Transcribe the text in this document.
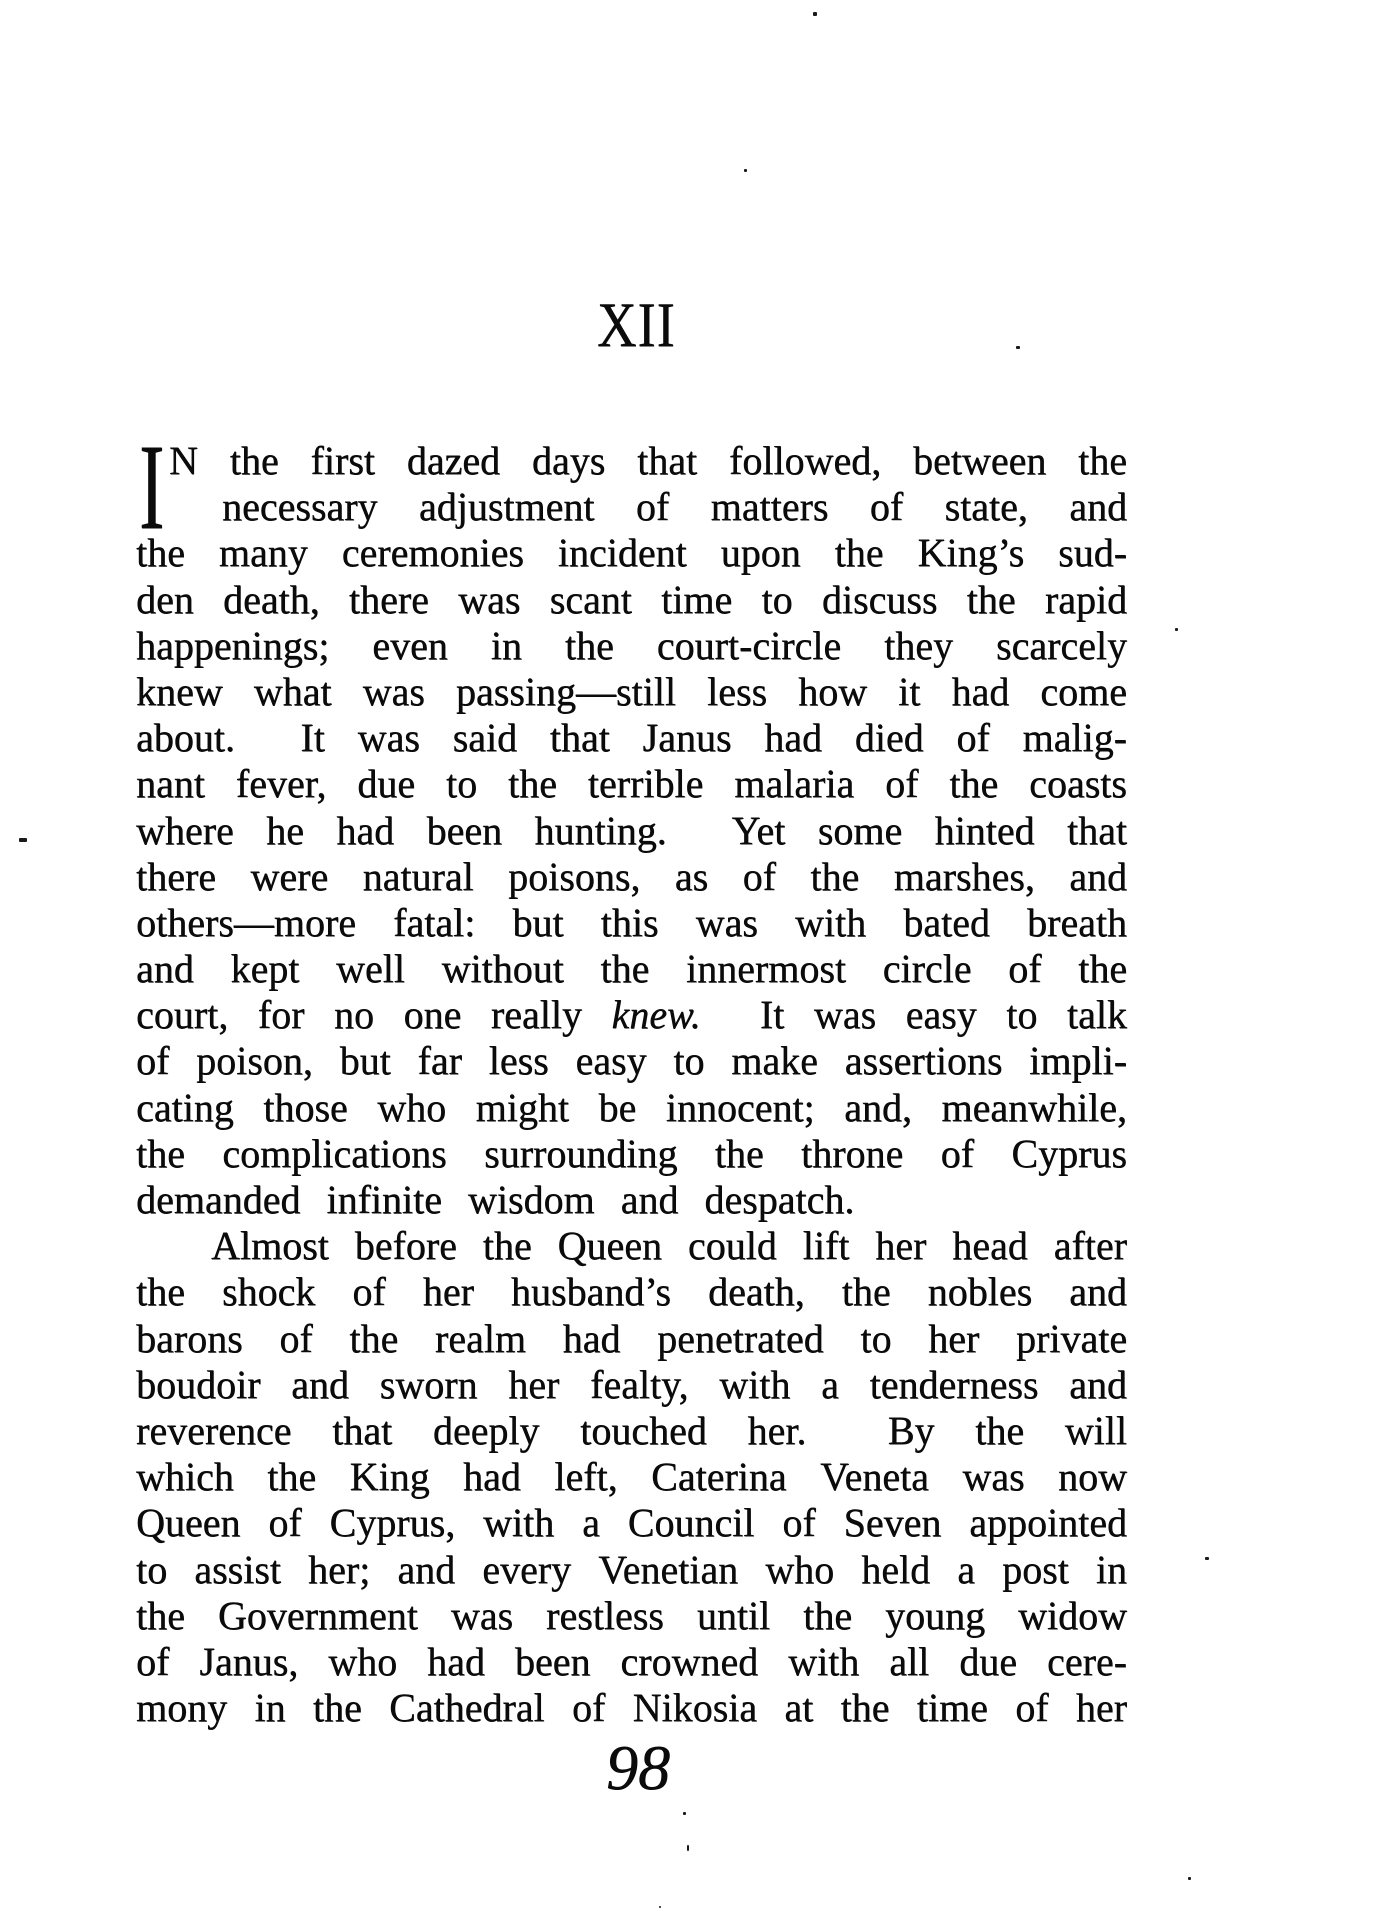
XII
I N the first dazed days that followed, between the
necessary adjustment of matters of state, and
the many ceremonies incident upon the King’s sud-
den death, there was scant time to discuss the rapid
happenings; even in the court-circle they scarcely
knew what was passing—still less how it had come
about. It was said that Janus had died of malig-
nant fever, due to the terrible malaria of the coasts
where he had been hunting. Yet some hinted that
there were natural poisons, as of the marshes, and
others—more fatal: but this was with bated breath
and kept well without the innermost circle of the
court, for no one really knew. It was easy to talk
of poison, but far less easy to make assertions impli-
cating those who might be innocent; and, meanwhile,
the complications surrounding the throne of Cyprus
demanded infinite wisdom and despatch.
Almost before the Queen could lift her head after
the shock of her husband’s death, the nobles and
barons of the realm had penetrated to her private
boudoir and sworn her fealty, with a tenderness and
reverence that deeply touched her. By the will
which the King had left, Caterina Veneta was now
Queen of Cyprus, with a Council of Seven appointed
to assist her; and every Venetian who held a post in
the Government was restless until the young widow
of Janus, who had been crowned with all due cere-
mony in the Cathedral of Nikosia at the time of her
98
